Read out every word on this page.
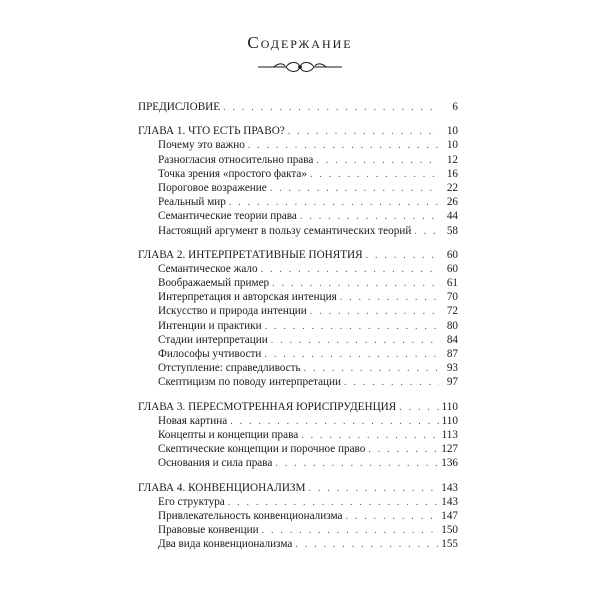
Содержание
ПРЕДИСЛОВИЕ . . .	6
ГЛАВА 1. ЧТО ЕСТЬ ПРАВО? . . .	10
Почему это важно . . .	10
Разногласия относительно права . . .	12
Точка зрения «простого факта» . . .	16
Пороговое возражение . . .	22
Реальный мир . . .	26
Семантические теории права . . .	44
Настоящий аргумент в пользу семантических теорий . . .	58
ГЛАВА 2. ИНТЕРПРЕТАТИВНЫЕ ПОНЯТИЯ . . .	60
Семантическое жало . . .	60
Воображаемый пример . . .	61
Интерпретация и авторская интенция . . .	70
Искусство и природа интенции . . .	72
Интенции и практики . . .	80
Стадии интерпретации . . .	84
Философы учтивости . . .	87
Отступление: справедливость . . .	93
Скептицизм по поводу интерпретации . . .	97
ГЛАВА 3. ПЕРЕСМОТРЕННАЯ ЮРИСПРУДЕНЦИЯ . . .	110
Новая картина . . .	110
Концепты и концепции права . . .	113
Скептические концепции и порочное право . . .	127
Основания и сила права . . .	136
ГЛАВА 4. КОНВЕНЦИОНАЛИЗМ . . .	143
Его структура . . .	143
Привлекательность конвенционализма . . .	147
Правовые конвенции . . .	150
Два вида конвенционализма . . .	155
